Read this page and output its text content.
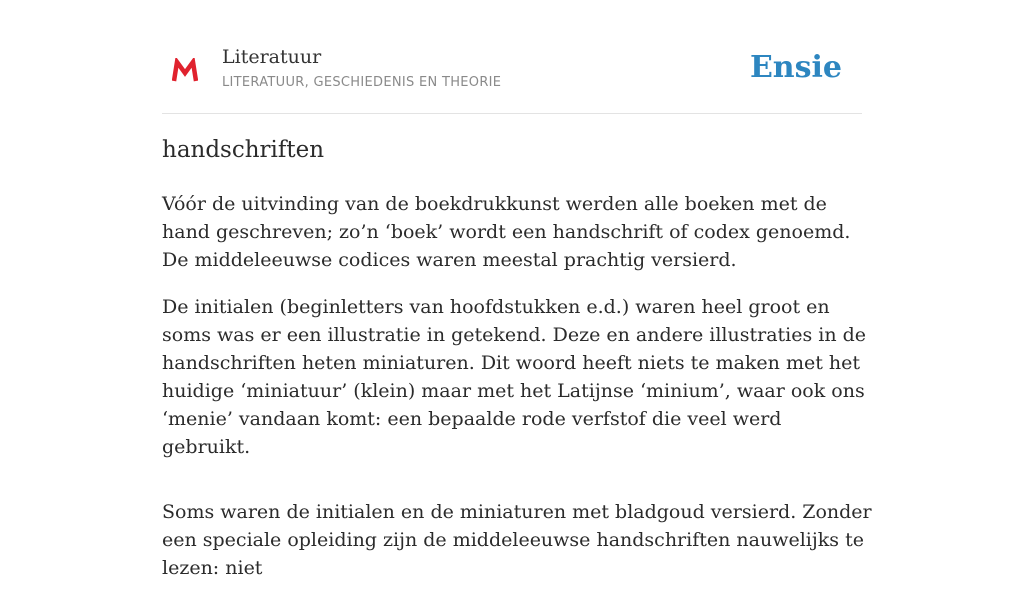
Literatuur
LITERATUUR, GESCHIEDENIS EN THEORIE	Ensie
handschriften

Vóór de uitvinding van de boekdrukkunst werden alle boeken met de hand geschreven; zo’n ‘boek’ wordt een handschrift of codex genoemd. De middeleeuwse codices waren meestal prachtig versierd.

De initialen (beginletters van hoofdstukken e.d.) waren heel groot en soms was er een illustratie in getekend. Deze en andere illustraties in de handschriften heten miniaturen. Dit woord heeft niets te maken met het huidige ‘miniatuur’ (klein) maar met het Latijnse ‘minium’, waar ook ons ‘menie’ vandaan komt: een bepaalde rode verfstof die veel werd gebruikt.

Soms waren de initialen en de miniaturen met bladgoud versierd. Zonder een speciale opleiding zijn de middeleeuwse handschriften nauwelijks te lezen: niet
